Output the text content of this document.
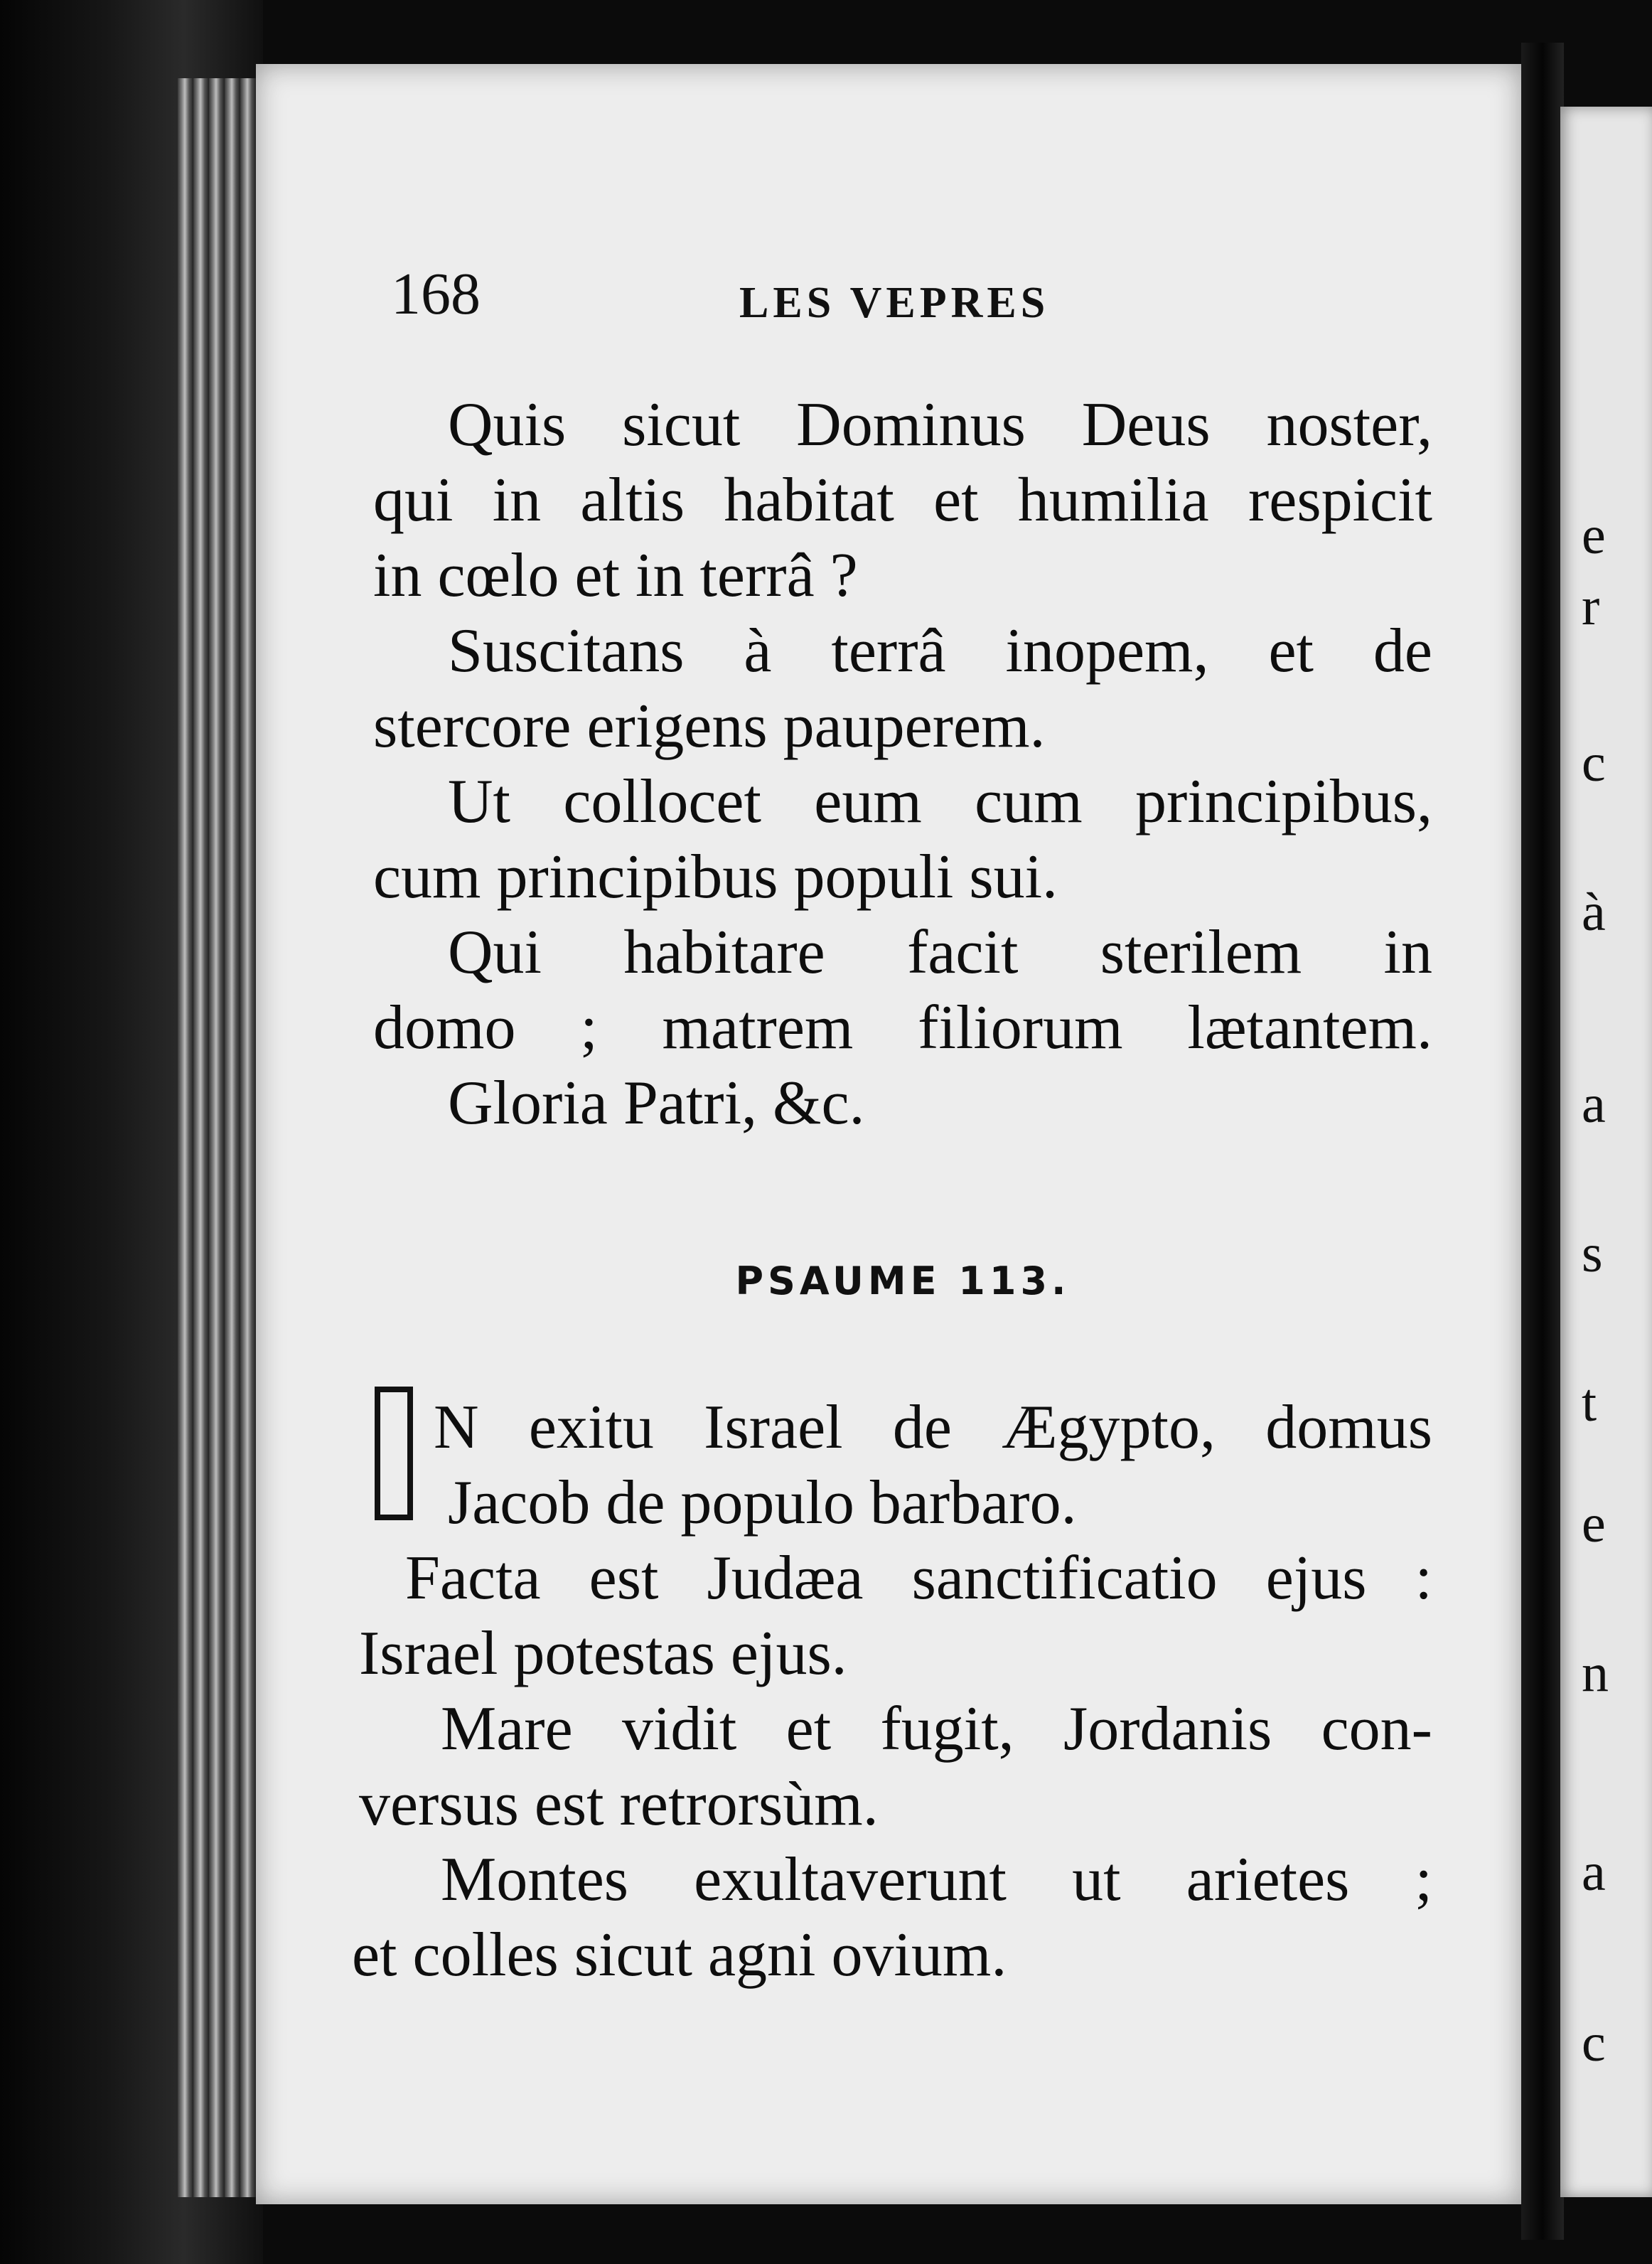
e
r
c
à
a
s
t
e
n
a
c
168	LES VEPRES
Quis sicut Dominus Deus noster,
qui in altis habitat et humilia respicit
in cœlo et in terrâ ?
Suscitans à terrâ inopem, et de
stercore erigens pauperem.
Ut collocet eum cum principibus,
cum principibus populi sui.
Qui habitare facit sterilem in
domo ; matrem filiorum lætantem.
Gloria Patri, &c.
PSAUME 113.
N exitu Israel de Ægypto, domus
Jacob de populo barbaro.
Facta est Judæa sanctificatio ejus :
Israel potestas ejus.
Mare vidit et fugit, Jordanis con-
versus est retrorsùm.
Montes exultaverunt ut arietes ;
et colles sicut agni ovium.
